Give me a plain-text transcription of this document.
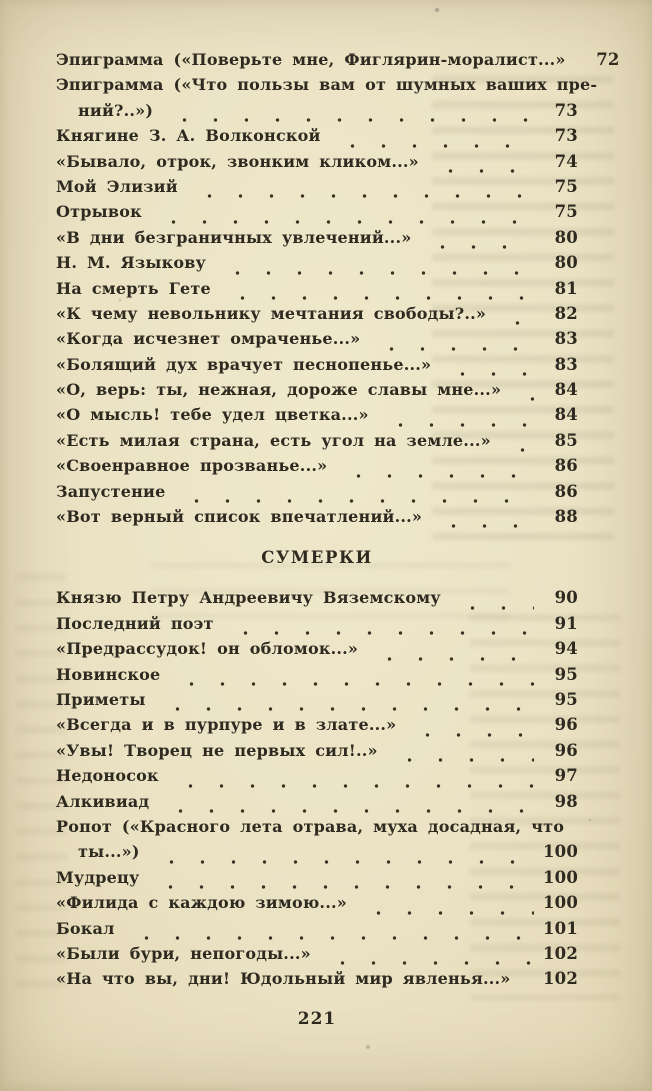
Эпиграмма («Поверьте мне, Фиглярин-моралист...»	72
Эпиграмма («Что пользы вам от шумных ваших пре-
ний?..»)	73
Княгине З. А. Волконской	73
«Бывало, отрок, звонким кликом...»	74
Мой Элизий	75
Отрывок	75
«В дни безграничных увлечений...»	80
Н. М. Языкову	80
На смерть Гете	81
«К чему невольнику мечтания свободы?..»	82
«Когда исчезнет омраченье...»	83
«Болящий дух врачует песнопенье...»	83
«О, верь: ты, нежная, дороже славы мне...»	84
«О мысль! тебе удел цветка...»	84
«Есть милая страна, есть угол на земле...»	85
«Своенравное прозванье...»	86
Запустение	86
«Вот верный список впечатлений...»	88
СУМЕРКИ
Князю Петру Андреевичу Вяземскому	90
Последний поэт	91
«Предрассудок! он обломок...»	94
Новинское	95
Приметы	95
«Всегда и в пурпуре и в злате...»	96
«Увы! Творец не первых сил!..»	96
Недоносок	97
Алкивиад	98
Ропот («Красного лета отрава, муха досадная, что
ты...»)	100
Мудрецу	100
«Филида с каждою зимою...»	100
Бокал	101
«Были бури, непогоды...»	102
«На что вы, дни! Юдольный мир явленья...» 102
221
